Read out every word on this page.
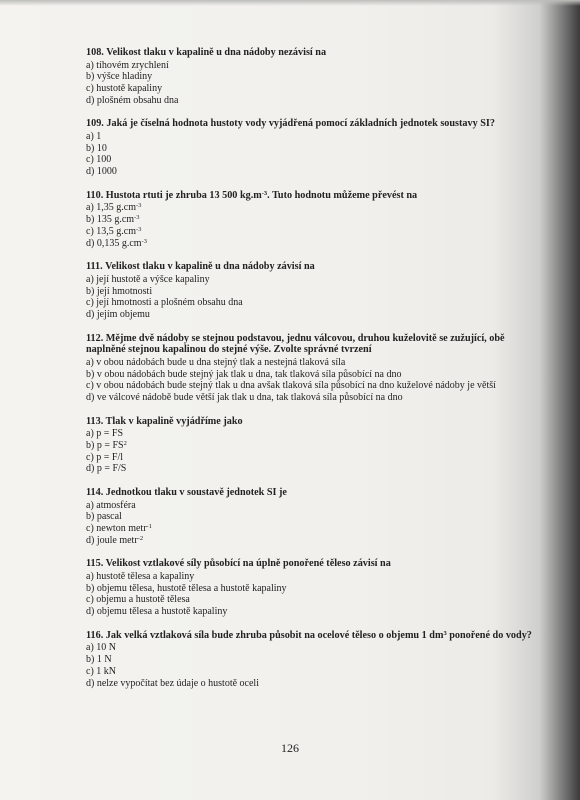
108. Velikost tlaku v kapalině u dna nádoby nezávisí na

a) tíhovém zrychlení

b) výšce hladiny

c) hustotě kapaliny

d) plošném obsahu dna

109. Jaká je číselná hodnota hustoty vody vyjádřená pomocí základních jednotek soustavy SI?

a) 1

b) 10

c) 100

d) 1000

110. Hustota rtuti je zhruba 13 500 $kg.m^{-3}$. Tuto hodnotu můžeme převést na

a) 1,35 $g.cm^{-3}$

b) 135 $g.cm^{-3}$

c) 13,5 $g.cm^{-3}$

d) 0,135 $g.cm^{-3}$

111. Velikost tlaku v kapalině u dna nádoby závisí na

a) její hustotě a výšce kapaliny

b) její hmotnosti

c) její hmotnosti a plošném obsahu dna

d) jejím objemu

112. Mějme dvě nádoby se stejnou podstavou, jednu válcovou, druhou kuželovitě se zužující, obě naplněné stejnou kapalinou do stejné výše. Zvolte správné tvrzení

a) v obou nádobách bude u dna stejný tlak a nestejná tlaková síla

b) v obou nádobách bude stejný jak tlak u dna, tak tlaková síla působící na dno

c) v obou nádobách bude stejný tlak u dna avšak tlaková síla působící na dno kuželové nádoby je větší

d) ve válcové nádobě bude větší jak tlak u dna, tak tlaková síla působící na dno

113. Tlak v kapalině vyjádříme jako

a) p = FS

b) $p = FS^2$

c) p = F/l

d) p = F/S

114. Jednotkou tlaku v soustavě jednotek SI je

a) atmosféra

b) pascal

c) newton metr$^{-1}$

d) joule metr$^{-2}$

115. Velikost vztlakové síly působící na úplně ponořené těleso závisí na

a) hustotě tělesa a kapaliny

b) objemu tělesa, hustotě tělesa a hustotě kapaliny

c) objemu a hustotě tělesa

d) objemu tělesa a hustotě kapaliny

116. Jak velká vztlaková síla bude zhruba působit na ocelové těleso o objemu 1 $dm^3$ ponořené do vody?

a) 10 N

b) 1 N

c) 1 kN

d) nelze vypočítat bez údaje o hustotě oceli

126
